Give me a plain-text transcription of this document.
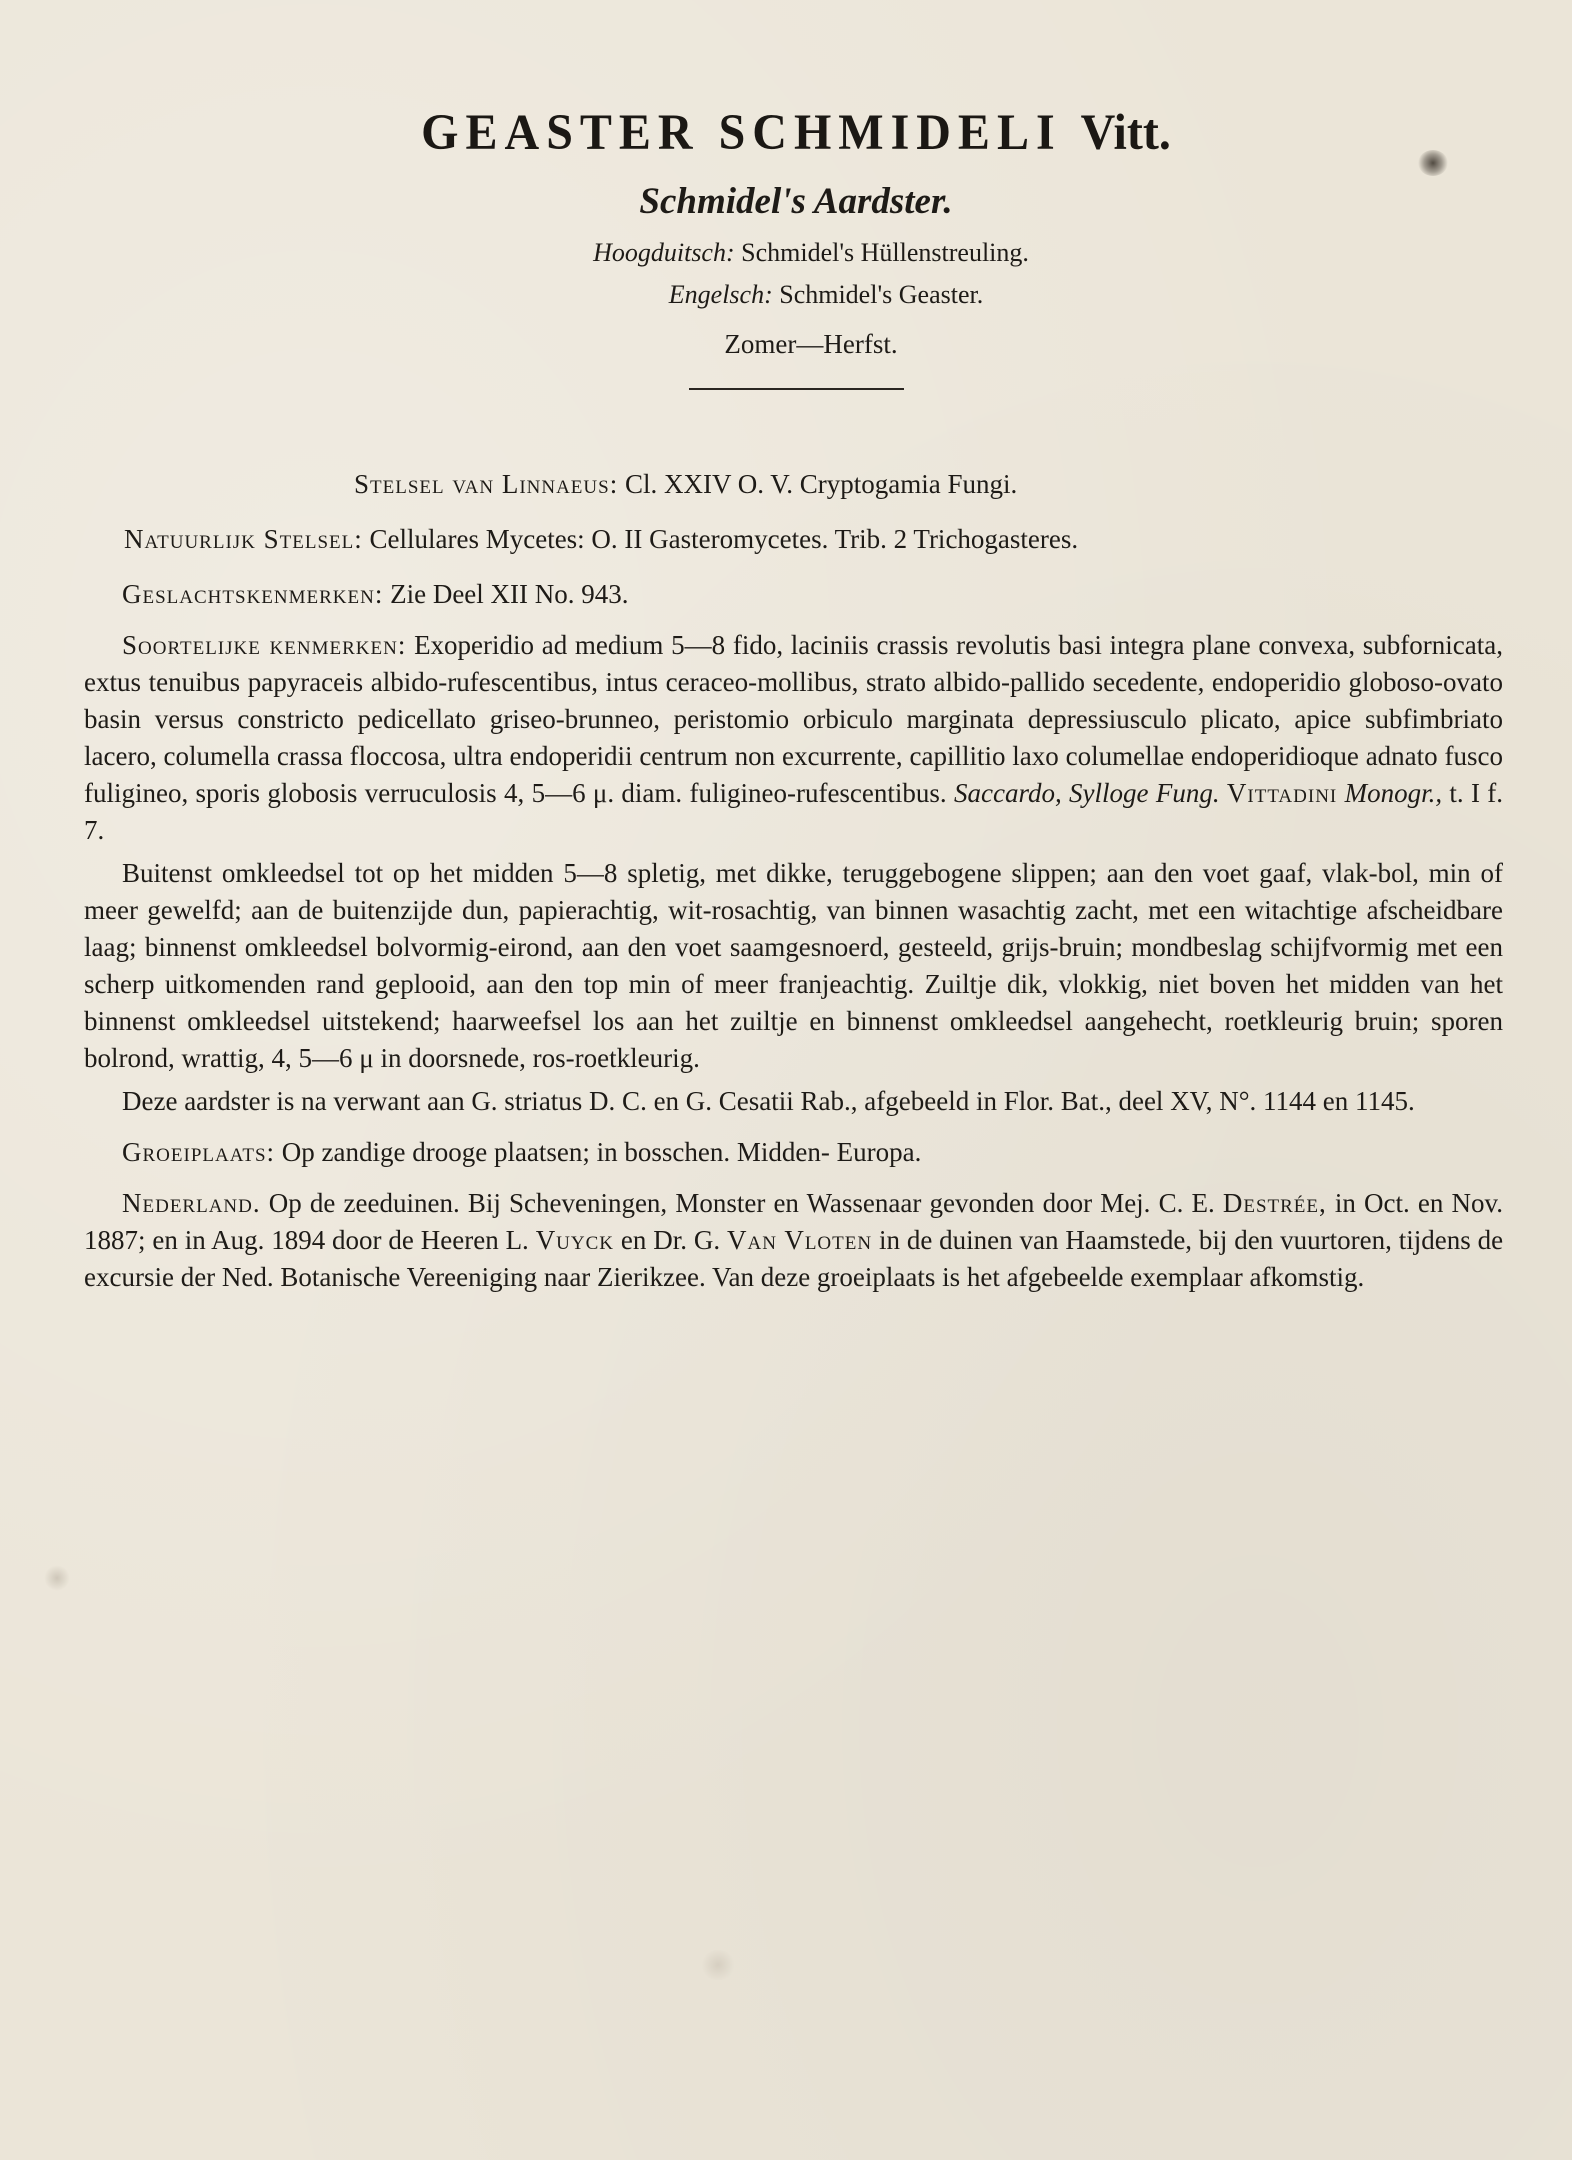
GEASTER SCHMIDELI Vitt.
Schmidel's Aardster.
Hoogduitsch: Schmidel's Hüllenstreuling.
Engelsch: Schmidel's Geaster.
Zomer—Herfst.

Stelsel van Linnaeus: Cl. XXIV O. V. Cryptogamia Fungi.

Natuurlijk Stelsel: Cellulares Mycetes: O. II Gasteromycetes. Trib. 2 Trichogasteres.

Geslachtskenmerken: Zie Deel XII No. 943.

Soortelijke kenmerken: Exoperidio ad medium 5—8 fido, laciniis crassis revolutis basi integra plane convexa, subfornicata, extus tenuibus papyraceis albido-rufescentibus, intus ceraceo-mollibus, strato albido-pallido secedente, endoperidio globoso-ovato basin versus constricto pedicellato griseo-brunneo, peristomio orbiculo marginata depressiusculo plicato, apice subfimbriato lacero, columella crassa floccosa, ultra endoperidii centrum non excurrente, capillitio laxo columellae endoperidioque adnato fusco fuligineo, sporis globosis verruculosis 4, 5—6 μ. diam. fuligineo-rufescentibus. Saccardo, Sylloge Fung. Vittadini Monogr., t. I f. 7.

Buitenst omkleedsel tot op het midden 5—8 spletig, met dikke, teruggebogene slippen; aan den voet gaaf, vlak-bol, min of meer gewelfd; aan de buitenzijde dun, papierachtig, wit-rosachtig, van binnen wasachtig zacht, met een witachtige afscheidbare laag; binnenst omkleedsel bolvormig-eirond, aan den voet saamgesnoerd, gesteeld, grijs-bruin; mondbeslag schijfvormig met een scherp uitkomenden rand geplooid, aan den top min of meer franjeachtig. Zuiltje dik, vlokkig, niet boven het midden van het binnenst omkleedsel uitstekend; haarweefsel los aan het zuiltje en binnenst omkleedsel aangehecht, roetkleurig bruin; sporen bolrond, wrattig, 4, 5—6 μ in doorsnede, ros-roetkleurig.

Deze aardster is na verwant aan G. striatus D. C. en G. Cesatii Rab., afgebeeld in Flor. Bat., deel XV, N°. 1144 en 1145.

Groeiplaats: Op zandige drooge plaatsen; in bosschen. Midden- Europa.

Nederland. Op de zeeduinen. Bij Scheveningen, Monster en Wassenaar gevonden door Mej. C. E. Destrée, in Oct. en Nov. 1887; en in Aug. 1894 door de Heeren L. Vuyck en Dr. G. Van Vloten in de duinen van Haamstede, bij den vuurtoren, tijdens de excursie der Ned. Botanische Vereeniging naar Zierikzee. Van deze groeiplaats is het afgebeelde exemplaar afkomstig.
